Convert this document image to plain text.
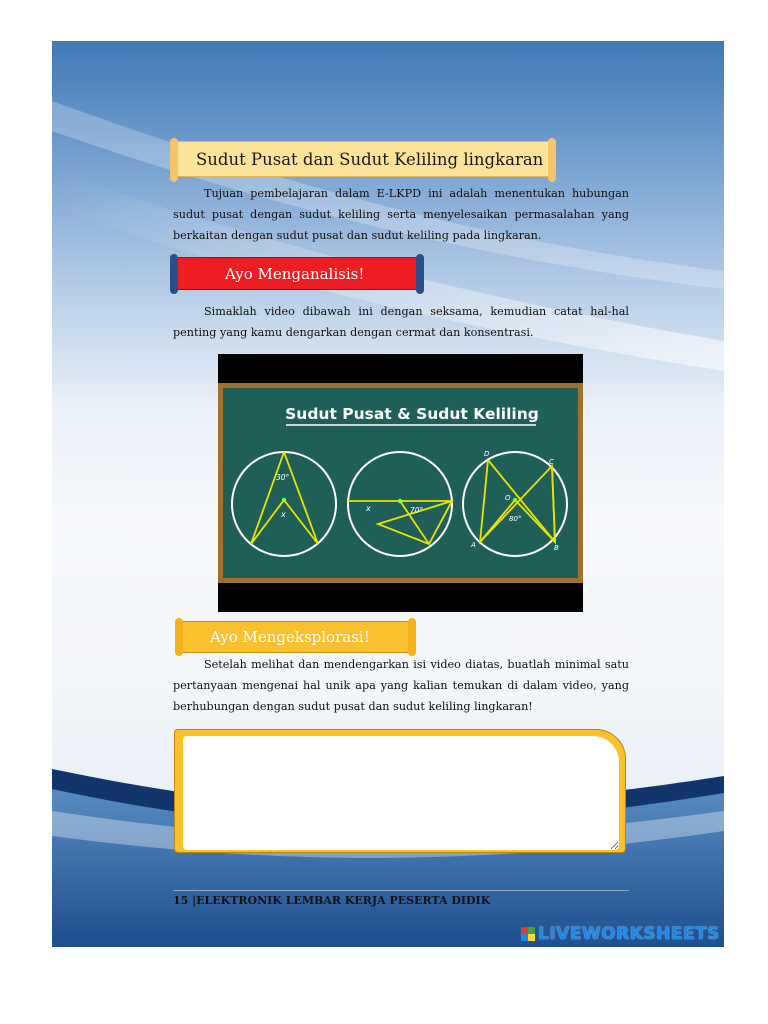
Sudut Pusat dan Sudut Keliling lingkaran

Tujuan pembelajaran dalam E-LKPD ini adalah menentukan hubungan sudut pusat dengan sudut keliling serta menyelesaikan permasalahan yang berkaitan dengan sudut pusat dan sudut keliling pada lingkaran.

Ayo Menganalisis!

Simaklah video dibawah ini dengan seksama, kemudian catat hal-hal penting yang kamu dengarkan dengan cermat dan konsentrasi.

Sudut Pusat & Sudut Keliling
30°
x
x	70°
D
C
O
A	B
80°
Ayo Mengeksplorasi!

Setelah melihat dan mendengarkan isi video diatas, buatlah minimal satu pertanyaan mengenai hal unik apa yang kalian temukan di dalam video, yang berhubungan dengan sudut pusat dan sudut keliling lingkaran!

15 |ELEKTRONIK LEMBAR KERJA PESERTA DIDIK
LIVEWORKSHEETS
